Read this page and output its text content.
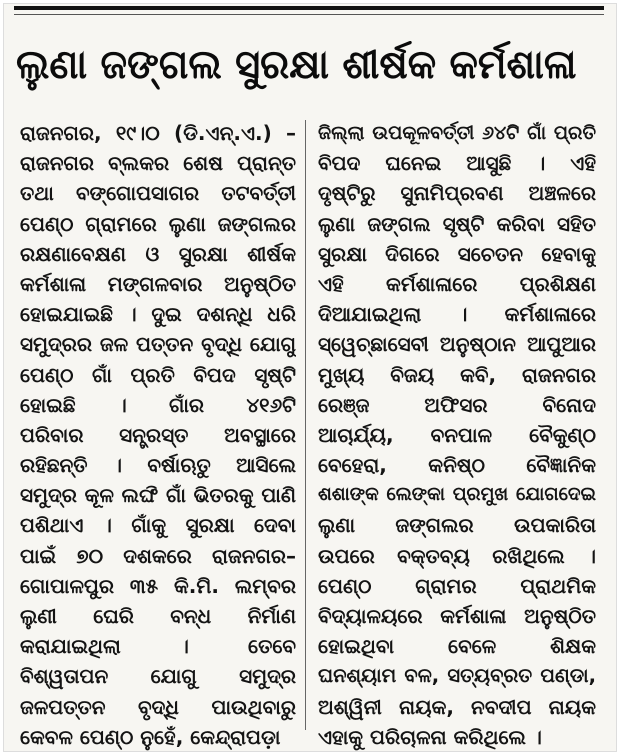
ଲୁଣା ଜଙ୍ଗଲ ସୁରକ୍ଷା ଶୀର୍ଷକ କର୍ମଶାଳା
ରାଜନଗର, ୧୯।୦ (ଡି.ଏନ୍.ଏ.) –
ରାଜନଗର ବ୍ଲକର ଶେଷ ପ୍ରାନ୍ତ
ତଥା ବଙ୍ଗୋପସାଗର ତଟବର୍ତ୍ତୀ
ପେଣ୍ଠ ଗ୍ରାମରେ ଲୁଣା ଜଙ୍ଗଲର
ରକ୍ଷଣାବେକ୍ଷଣ ଓ ସୁରକ୍ଷା ଶୀର୍ଷକ
କର୍ମଶାଳା ମଙ୍ଗଳବାର ଅନୁଷ୍ଠିତ
ହୋଇଯାଇଛି । ଦୁଇ ଦଶନ୍ଧି ଧରି
ସମୁଦ୍ରର ଜଳ ପତ୍ତନ ବୃଦ୍ଧି ଯୋଗୁ
ପେଣ୍ଠ ଗାଁ ପ୍ରତି ବିପଦ ସୃଷ୍ଟି
ହୋଇଛି । ଗାଁର ୪୧୬ଟି
ପରିବାର ସନ୍ତ୍ରସ୍ତ ଅବସ୍ଥାରେ
ରହିଛନ୍ତି । ବର୍ଷାଋତୁ ଆସିଲେ
ସମୁଦ୍ର କୂଳ ଲଙ୍ଘି ଗାଁ ଭିତରକୁ ପାଣି
ପଶିଥାଏ । ଗାଁକୁ ସୁରକ୍ଷା ଦେବା
ପାଇଁ ୭୦ ଦଶକରେ ରାଜନଗର–
ଗୋପାଳପୁର ୩୫ କି.ମି. ଲମ୍ବର
ଲୁଣୀ ଘେରି ବନ୍ଧ ନିର୍ମାଣ
କରାଯାଇଥିଲା । ତେବେ
ବିଶ୍ୱତାପନ ଯୋଗୁ ସମୁଦ୍ର
ଜଳପତ୍ତନ ବୃଦ୍ଧି ପାଉଥିବାରୁ
କେବଳ ପେଣ୍ଠ ନୁହେଁ, କେନ୍ଦ୍ରାପଡ଼ା
ଜିଲ୍ଲା ଉପକୂଳବର୍ତ୍ତୀ ୬୪ଟି ଗାଁ ପ୍ରତି
ବିପଦ ଘନେଇ ଆସୁଛି । ଏହି
ଦୃଷ୍ଟିରୁ ସୁନାମିପ୍ରବଣ ଅଞ୍ଚଳରେ
ଲୁଣା ଜଙ୍ଗଲ ସୃଷ୍ଟି କରିବା ସହିତ
ସୁରକ୍ଷା ଦିଗରେ ସଚେତନ ହେବାକୁ
ଏହି କର୍ମଶାଳାରେ ପ୍ରଶିକ୍ଷଣ
ଦିଆଯାଇଥିଲା । କର୍ମଶାଳାରେ
ସ୍ୱେଚ୍ଛାସେବୀ ଅନୁଷ୍ଠାନ ଆପୁଆର
ମୁଖ୍ୟ ବିଜୟ କବି, ରାଜନଗର
ରେଞ୍ଜ ଅଫିସର ବିନୋଦ
ଆଚାର୍ଯ୍ୟ, ବନପାଳ ବୈକୁଣ୍ଠ
ବେହେରା, କନିଷ୍ଠ ବୈଜ୍ଞାନିକ
ଶଶାଙ୍କ ଲେଙ୍କା ପ୍ରମୁଖ ଯୋଗଦେଇ
ଲୁଣା ଜଙ୍ଗଲର ଉପକାରିତା
ଉପରେ ବକ୍ତବ୍ୟ ରଖିଥିଲେ ।
ପେଣ୍ଠ ଗ୍ରାମର ପ୍ରାଥମିକ
ବିଦ୍ୟାଳୟରେ କର୍ମଶାଳା ଅନୁଷ୍ଠିତ
ହୋଇଥିବା ବେଳେ ଶିକ୍ଷକ
ଘନଶ୍ୟାମ ବଳ, ସତ୍ୟବ୍ରତ ପଣ୍ଡା,
ଅଶ୍ୱିନୀ ନାୟକ, ନବଦୀପ ନାୟକ
ଏହାକୁ ପରିଚାଳନା କରିଥିଲେ ।
